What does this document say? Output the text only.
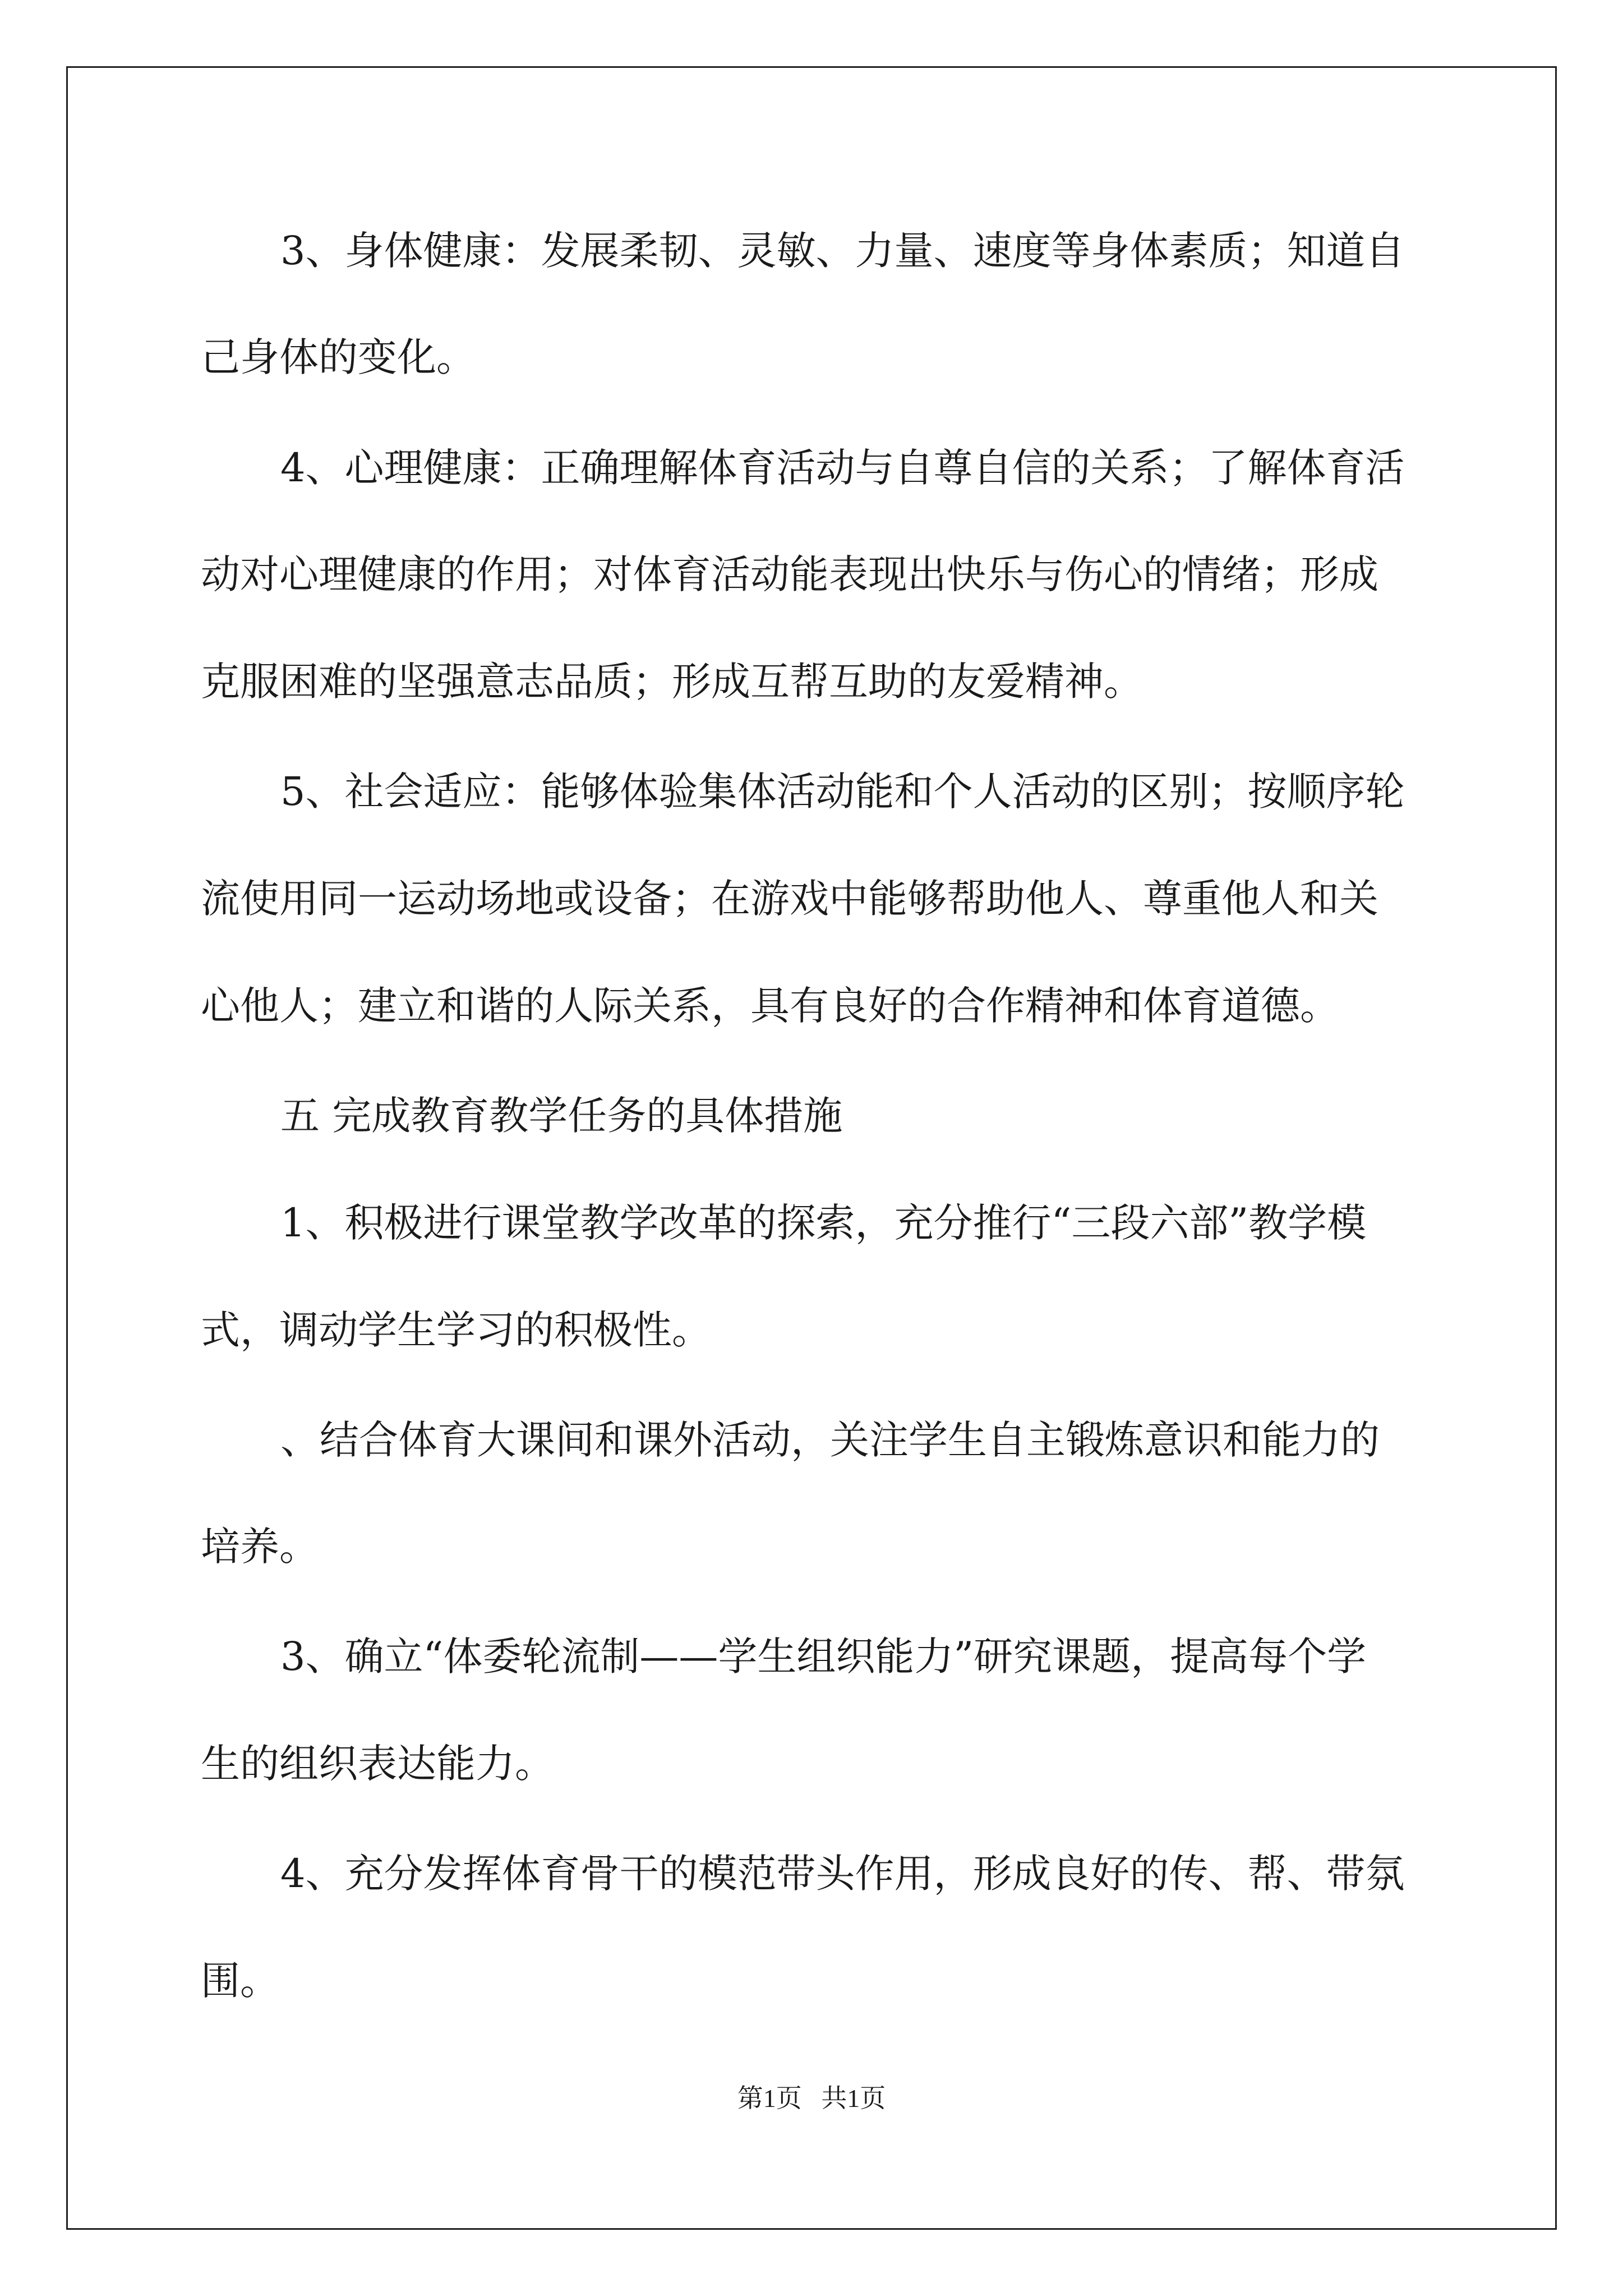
3、身体健康：发展柔韧、灵敏、力量、速度等身体素质；知道自
己身体的变化。
4、心理健康：正确理解体育活动与自尊自信的关系；了解体育活
动对心理健康的作用；对体育活动能表现出快乐与伤心的情绪；形成
克服困难的坚强意志品质；形成互帮互助的友爱精神。
5、社会适应：能够体验集体活动能和个人活动的区别；按顺序轮
流使用同一运动场地或设备；在游戏中能够帮助他人、尊重他人和关
心他人；建立和谐的人际关系，具有良好的合作精神和体育道德。
五 完成教育教学任务的具体措施
1、积极进行课堂教学改革的探索，充分推行“三段六部”教学模
式，调动学生学习的积极性。
、结合体育大课间和课外活动，关注学生自主锻炼意识和能力的
培养。
3、确立“体委轮流制——学生组织能力”研究课题，提高每个学
生的组织表达能力。
4、充分发挥体育骨干的模范带头作用，形成良好的传、帮、带氛
围。
第1页   共1页
